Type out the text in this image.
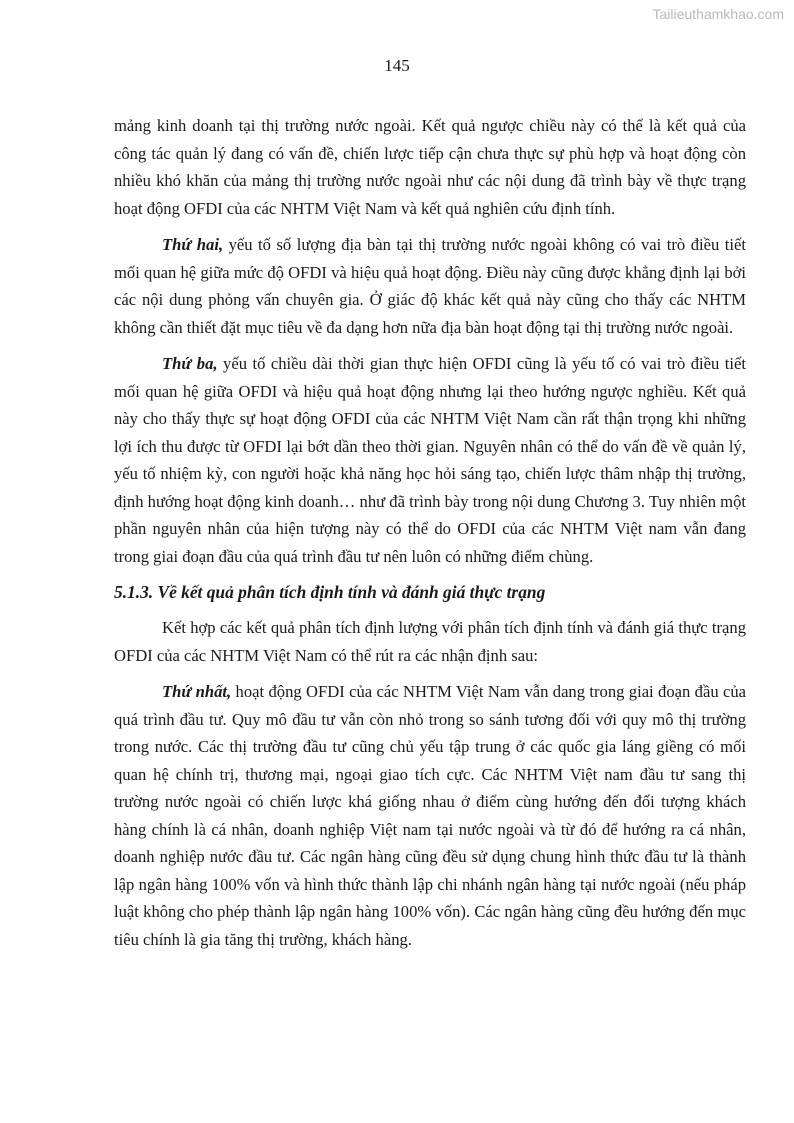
Tailieuthamkhao.com
145

mảng kinh doanh tại thị trường nước ngoài. Kết quả ngược chiều này có thể là kết quả của công tác quản lý đang có vấn đề, chiến lược tiếp cận chưa thực sự phù hợp và hoạt động còn nhiều khó khăn của mảng thị trường nước ngoài như các nội dung đã trình bày về thực trạng hoạt động OFDI của các NHTM Việt Nam và kết quả nghiên cứu định tính.

Thứ hai, yếu tố số lượng địa bàn tại thị trường nước ngoài không có vai trò điều tiết mối quan hệ giữa mức độ OFDI và hiệu quả hoạt động. Điều này cũng được khẳng định lại bởi các nội dung phỏng vấn chuyên gia. Ở giác độ khác kết quả này cũng cho thấy các NHTM không cần thiết đặt mục tiêu về đa dạng hơn nữa địa bàn hoạt động tại thị trường nước ngoài.

Thứ ba, yếu tố chiều dài thời gian thực hiện OFDI cũng là yếu tố có vai trò điều tiết mối quan hệ giữa OFDI và hiệu quả hoạt động nhưng lại theo hướng ngược nghiều. Kết quả này cho thấy thực sự hoạt động OFDI của các NHTM Việt Nam cần rất thận trọng khi những lợi ích thu được từ OFDI lại bớt dần theo thời gian. Nguyên nhân có thể do vấn đề về quản lý, yếu tố nhiệm kỳ, con người hoặc khả năng học hỏi sáng tạo, chiến lược thâm nhập thị trường, định hướng hoạt động kinh doanh… như đã trình bày trong nội dung Chương 3. Tuy nhiên một phần nguyên nhân của hiện tượng này có thể do OFDI của các NHTM Việt nam vẫn đang trong giai đoạn đầu của quá trình đầu tư nên luôn có những điểm chùng.

5.1.3. Về kết quả phân tích định tính và đánh giá thực trạng

Kết hợp các kết quả phân tích định lượng với phân tích định tính và đánh giá thực trạng OFDI của các NHTM Việt Nam có thể rút ra các nhận định sau:

Thứ nhất, hoạt động OFDI của các NHTM Việt Nam vẫn dang trong giai đoạn đầu của quá trình đầu tư. Quy mô đầu tư vẫn còn nhỏ trong so sánh tương đối với quy mô thị trường trong nước. Các thị trường đầu tư cũng chủ yếu tập trung ở các quốc gia láng giềng có mối quan hệ chính trị, thương mại, ngoại giao tích cực. Các NHTM Việt nam đầu tư sang thị trường nước ngoài có chiến lược khá giống nhau ở điểm cùng hướng đến đối tượng khách hàng chính là cá nhân, doanh nghiệp Việt nam tại nước ngoài và từ đó để hướng ra cá nhân, doanh nghiệp nước đầu tư. Các ngân hàng cũng đều sử dụng chung hình thức đầu tư là thành lập ngân hàng 100% vốn và hình thức thành lập chi nhánh ngân hàng tại nước ngoài (nếu pháp luật không cho phép thành lập ngân hàng 100% vốn). Các ngân hàng cũng đều hướng đến mục tiêu chính là gia tăng thị trường, khách hàng.
